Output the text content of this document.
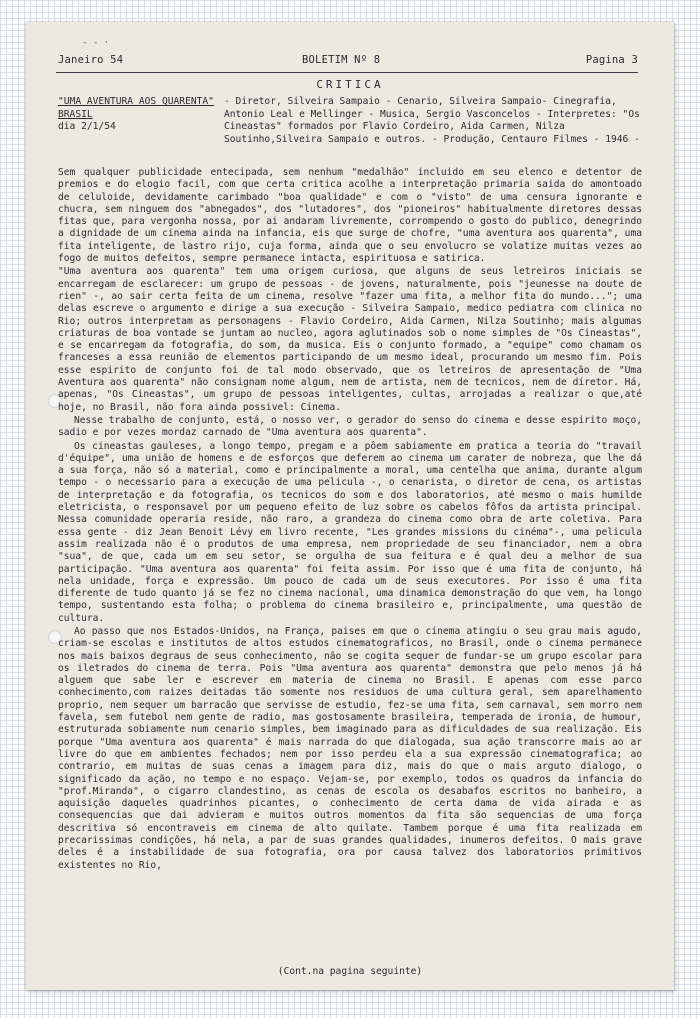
- - ·
Janeiro 54	BOLETIM Nº 8	Pagina 3
CRITICA
"UMA AVENTURA AOS QUARENTA"
BRASIL
dia 2/1/54

- Diretor, Silveira Sampaio - Cenario, Silveira Sampaio- Cinegrafia, Antonio Leal e Mellinger - Musica, Sergio Vasconcelos - Interpretes: "Os Cineastas" formados por Flavio Cordeiro, Aida Carmen, Nilza Soutinho,Silveira Sampaio e outros. - Produção, Centauro Filmes - 1946 -

Sem qualquer publicidade entecipada, sem nenhum "medalhão" incluido em seu elenco e detentor de premios e do elogio facil, com que certa critica acolhe a interpretação primaria saida do amontoado de celuloide, devidamente carimbado "boa qualidade" e com o "visto" de uma censura ignorante e chucra, sem ninguem dos "abnegados", dos "lutadores", dos "pioneiros" habitualmente diretores dessas fitas que, para vergonha nossa, por ai andaram livremente, corrompendo o gosto do publico, denegrindo a dignidade de um cinema ainda na infancia, eis que surge de chofre, "uma aventura aos quarenta", uma fita inteligente, de lastro rijo, cuja forma, ainda que o seu envolucro se volatize muitas vezes ao fogo de muitos defeitos, sempre permanece intacta, espirituosa e satirica.

"Uma aventura aos quarenta" tem uma origem curiosa, que alguns de seus letreiros iniciais se encarregam de esclarecer: um grupo de pessoas - de jovens, naturalmente, pois "jeunesse na doute de rien" -, ao sair certa feita de um cinema, resolve "fazer uma fita, a melhor fita do mundo..."; uma delas escreve o argumento e dirige a sua execução - Silveira Sampaio, medico pediatra com clinica no Rio; outros interpretam as personagens - Flavio Cordeiro, Aida Carmen, Nilza Soutinho; mais algumas criaturas de boa vontade se juntam ao nucleo, agora aglutinados sob o nome simples de "Os Cineastas", e se encarregam da fotografia, do som, da musica. Eis o conjunto formado, a "equipe" como chamam os franceses a essa reunião de elementos participando de um mesmo ideal, procurando um mesmo fim. Pois esse espirito de conjunto foi de tal modo observado, que os letreiros de apresentação de "Uma Aventura aos quarenta" não consignam nome algum, nem de artista, nem de tecnicos, nem de diretor. Há, apenas, "Os Cineastas", um grupo de pessoas inteligentes, cultas, arrojadas a realizar o que,até hoje, no Brasil, não fora ainda possivel: Cinema.

Nesse trabalho de conjunto, está, o nosso ver, o gerador do senso do cinema e desse espirito moço, sadio e por vezes mordaz carnado de "Uma aventura aos quarenta".

Os cineastas gauleses, a longo tempo, pregam e a pôem sabiamente em pratica a teoria do "travail d'équipe", uma união de homens e de esforços que deferem ao cinema um carater de nobreza, que lhe dá a sua força, não só a material, como e principalmente a moral, uma centelha que anima, durante algum tempo - o necessario para a execução de uma pelicula -, o cenarista, o diretor de cena, os artistas de interpretação e da fotografia, os tecnicos do som e dos laboratorios, até mesmo o mais humilde eletricista, o responsavel por um pequeno efeito de luz sobre os cabelos fôfos da artista principal. Nessa comunidade operaria reside, não raro, a grandeza do cinema como obra de arte coletiva. Para essa gente - diz Jean Benoit Lévy em livro recente, "Les grandes missions du cinéma"-, uma pelicula assim realizada não é o produtos de uma empresa, nem propriedade de seu financiador, nem a obra "sua", de que, cada um em seu setor, se orgulha de sua feitura e é qual deu a melhor de sua participação. "Uma aventura aos quarenta" foi feita assim. Por isso que é uma fita de conjunto, há nela unidade, força e expressão. Um pouco de cada um de seus executores. Por isso é uma fita diferente de tudo quanto já se fez no cinema nacional, uma dinamica demonstração do que vem, ha longo tempo, sustentando esta folha; o problema do cinema brasileiro e, principalmente, uma questão de cultura.

Ao passo que nos Estados-Unidos, na França, paises em que o cinema atingiu o seu grau mais agudo, criam-se escolas e institutos de altos estudos cinematograficos, no Brasil, onde o cinema permanece nos mais baixos degraus de seus conhecimento, não se cogita sequer de fundar-se um grupo escolar para os iletrados do cinema de terra. Pois "Uma aventura aos quarenta" demonstra que pelo menos já há alguem que sabe ler e escrever em materia de cinema no Brasil. E apenas com esse parco conhecimento,com raizes deitadas tão somente nos residuos de uma cultura geral, sem aparelhamento proprio, nem sequer um barracão que servisse de estudio, fez-se uma fita, sem carnaval, sem morro nem favela, sem futebol nem gente de radio, mas gostosamente brasileira, temperada de ironia, de humour, estruturada sobiamente num cenario simples, bem imaginado para as dificuldades de sua realização. Eis porque "Uma aventura aos quarenta" é mais narrada do que dialogada, sua ação transcorre mais ao ar livre do que em ambientes fechados; nem por isso perdeu ela a sua expressão cinematografica; ao contrario, em muitas de suas cenas a imagem para diz, mais do que o mais arguto dialogo, o significado da ação, no tempo e no espaço. Vejam-se, por exemplo, todos os quadros da infancia do "prof.Miranda", o cigarro clandestino, as cenas de escola os desabafos escritos no banheiro, a aquisição daqueles quadrinhos picantes, o conhecimento de certa dama de vida airada e as consequencias que dai advieram e muitos outros momentos da fita são sequencias de uma força descritiva só encontraveis em cinema de alto quilate. Tambem porque é uma fita realizada em precarissimas condições, há nela, a par de suas grandes qualidades, inumeros defeitos. O mais grave deles é a instabilidade de sua fotografia, ora por causa talvez dos laboratorios primitivos existentes no Rio,

(Cont.na pagina seguinte)
